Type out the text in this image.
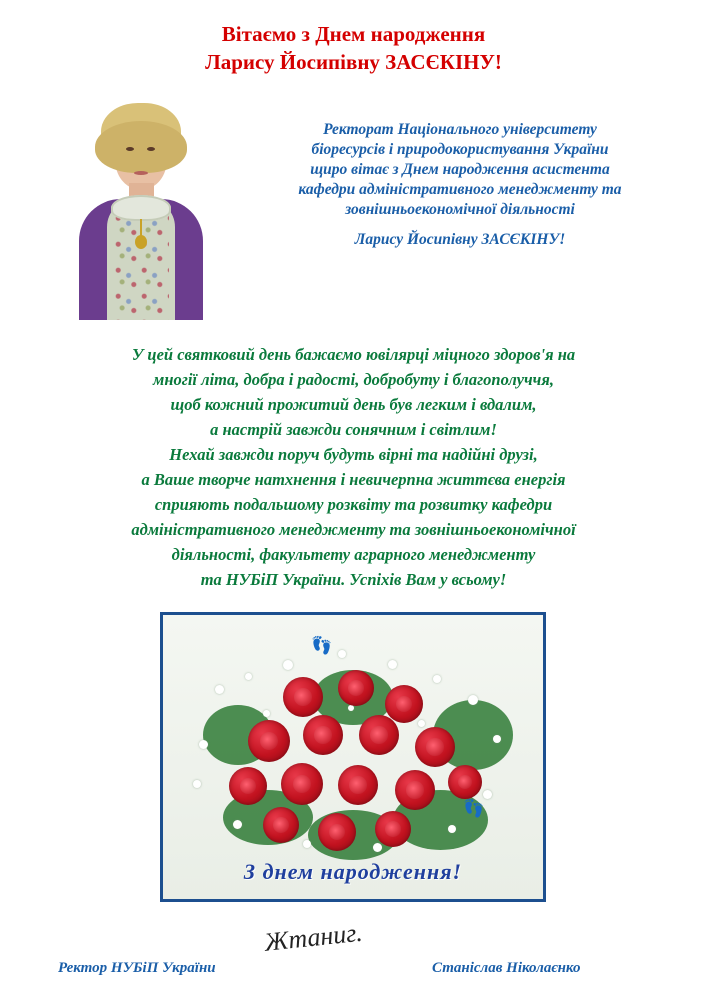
Вітаємо з Днем народження
Ларису Йосипівну ЗАСЄКІНУ!
Ректорат Національного університету
біоресурсів і природокористування України
щиро вітає з Днем народження асистента
кафедри адміністративного менеджменту та
зовнішньоекономічної діяльності
Ларису Йосипівну ЗАСЄКІНУ!
У цей святковий день бажаємо ювілярці міцного здоров'я на
многії літа, добра і радості, добробуту і благополуччя,
щоб кожний прожитий день був легким і вдалим,
а настрій завжди сонячним і світлим!
Нехай завжди поруч будуть вірні та надійні друзі,
а Ваше творче натхнення і невичерпна життєва енергія
сприяють подальшому розквіту та розвитку кафедри
адміністративного менеджменту та зовнішньоекономічної
діяльності, факультету аграрного менеджменту
та НУБіП України. Успіхів Вам у всьому!
👣
👣
З днем народження!
Жтаниг.
Ректор НУБіП України	Станіслав Ніколаєнко
